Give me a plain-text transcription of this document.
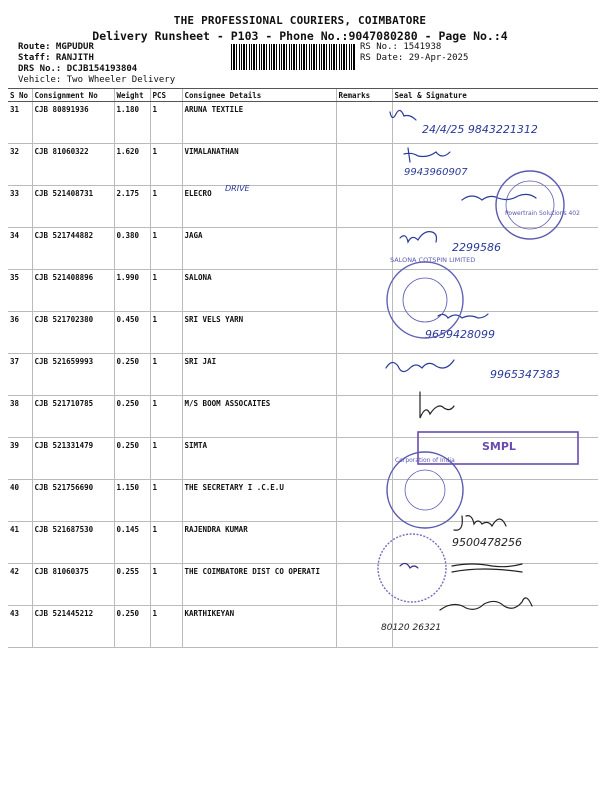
THE PROFESSIONAL COURIERS, COIMBATORE
Delivery Runsheet - P103 - Phone No.:9047080280 - Page No.:4
Route: MGPUDUR
Staff: RANJITH
DRS No.: DCJB154193804
Vehicle: Two Wheeler Delivery
RS No.: 1541938
RS Date: 29-Apr-2025
S No	Consignment No	Weight	PCS	Consignee Details	Remarks	Seal & Signature
31	CJB 80891936	1.180	1	ARUNA TEXTILE		
32	CJB 81060322	1.620	1	VIMALANATHAN		
33	CJB 521408731	2.175	1	ELECRO		
34	CJB 521744882	0.380	1	JAGA		
35	CJB 521408896	1.990	1	SALONA		
36	CJB 521702380	0.450	1	SRI VELS YARN		
37	CJB 521659993	0.250	1	SRI JAI		
38	CJB 521710785	0.250	1	M/S BOOM ASSOCAITES		
39	CJB 521331479	0.250	1	SIMTA		
40	CJB 521756690	1.150	1	THE SECRETARY I .C.E.U		
41	CJB 521687530	0.145	1	RAJENDRA KUMAR		
42	CJB 81060375	0.255	1	THE COIMBATORE DIST CO OPERATI		
43	CJB 521445212	0.250	1	KARTHIKEYAN		
24/4/25 9843221312
9943960907
DRIVE
2299586
9659428099
9965347383
9500478256
80120 26321
Powertrain Solutions 402
SALONA COTSPIN LIMITED
SMPL
Corporation of India
